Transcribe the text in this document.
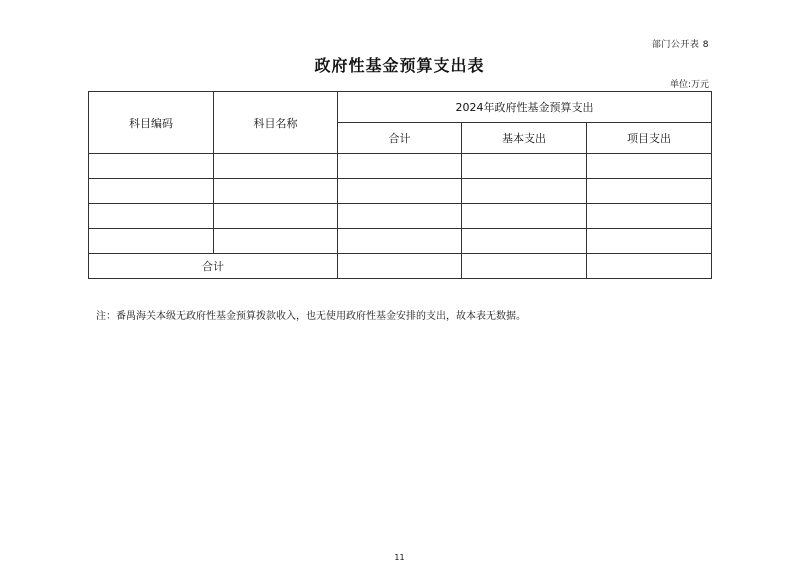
部门公开表 8
政府性基金预算支出表
单位:万元
科目编码	科目名称	2024年政府性基金预算支出		
		合计	基本支出	项目支出

合计				
注：番禺海关本级无政府性基金预算拨款收入，也无使用政府性基金安排的支出，故本表无数据。
11
